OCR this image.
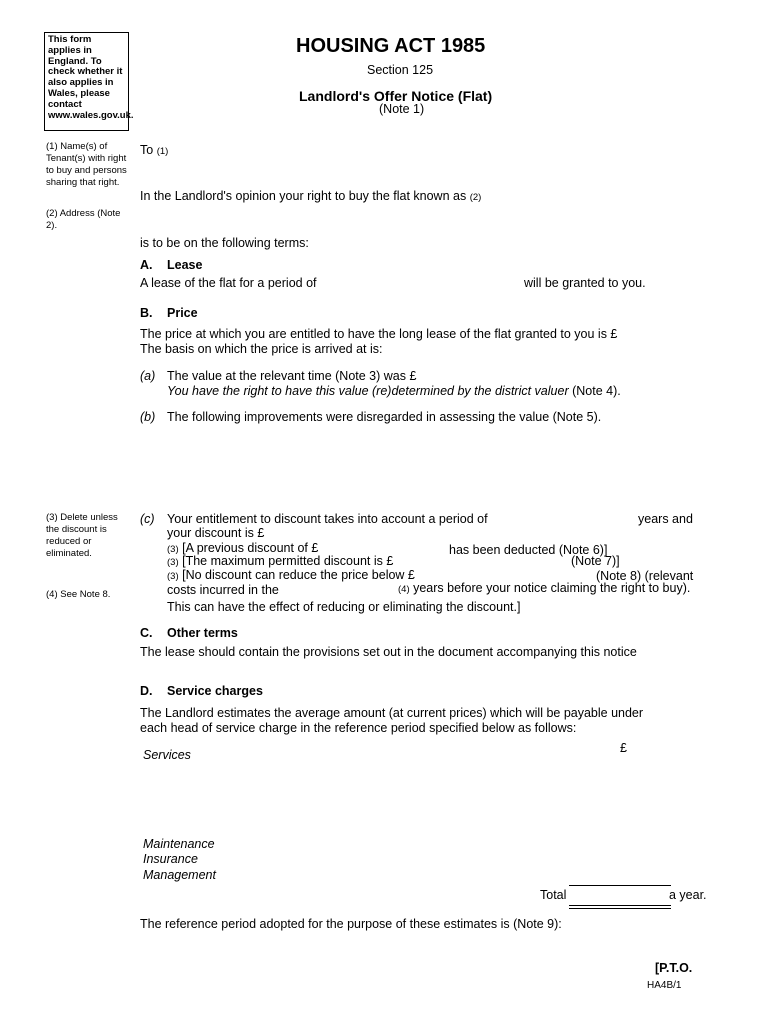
This form applies in England. To check whether it also applies in Wales, please contact www.wales.gov.uk.
(1) Name(s) of Tenant(s) with right to buy and persons sharing that right.
(2) Address (Note 2).
(3) Delete unless the discount is reduced or eliminated.
(4) See Note 8.
HOUSING ACT 1985
Section 125
Landlord's Offer Notice (Flat)
(Note 1)
To (1)
In the Landlord's opinion your right to buy the flat known as (2)
is to be on the following terms:
A. Lease
A lease of the flat for a period of	will be granted to you.
B. Price
The price at which you are entitled to have the long lease of the flat granted to you is £
The basis on which the price is arrived at is:
(a) The value at the relevant time (Note 3) was £
You have the right to have this value (re)determined by the district valuer (Note 4).
(b) The following improvements were disregarded in assessing the value (Note 5).
(c) Your entitlement to discount takes into account a period of	years and
your discount is £
(3) [A previous discount of £	has been deducted (Note 6)]
(3) [The maximum permitted discount is £	(Note 7)]
(3) [No discount can reduce the price below £	(Note 8) (relevant
costs incurred in the	(4) years before your notice claiming the right to buy).
This can have the effect of reducing or eliminating the discount.]
C. Other terms
The lease should contain the provisions set out in the document accompanying this notice
D. Service charges
The Landlord estimates the average amount (at current prices) which will be payable under
each head of service charge in the reference period specified below as follows:
£
Services
Maintenance
Insurance
Management
Total	a year.
The reference period adopted for the purpose of these estimates is (Note 9):
[P.T.O.
HA4B/1
